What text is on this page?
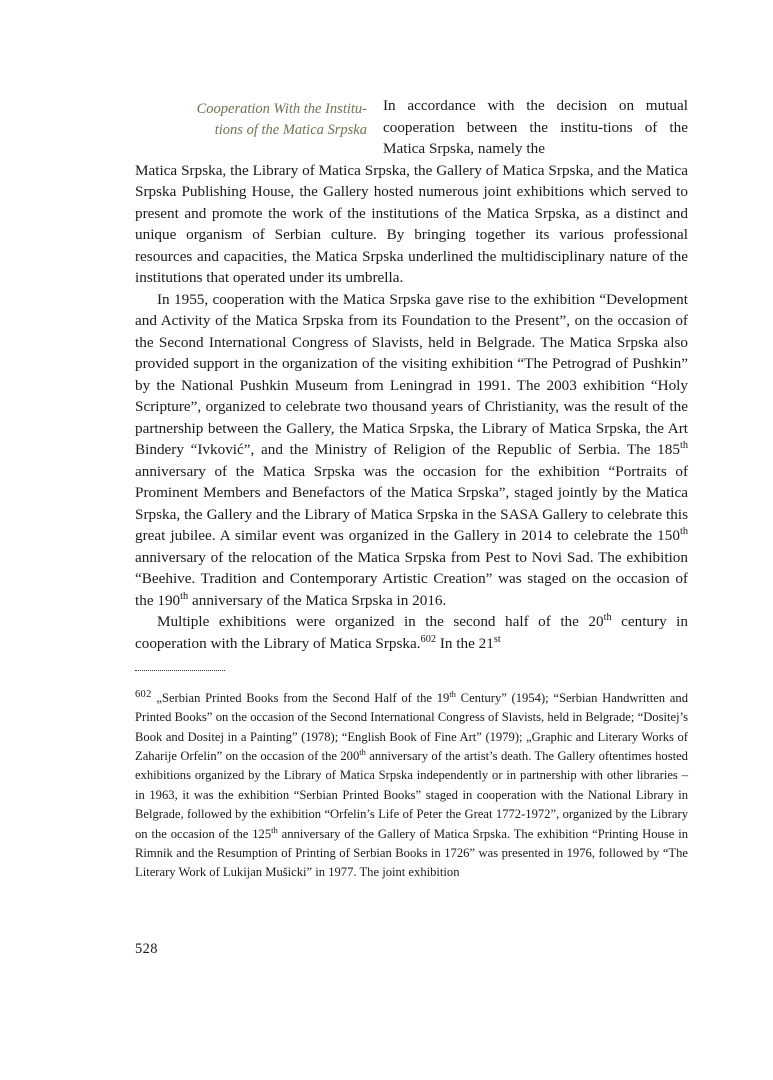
Cooperation With the Institu-
tions of the Matica Srpska
In accordance with the decision on mutual cooperation between the institu-tions of the Matica Srpska, namely the

Matica Srpska, the Library of Matica Srpska, the Gallery of Matica Srpska, and the Matica Srpska Publishing House, the Gallery hosted numerous joint exhibitions which served to present and promote the work of the institutions of the Matica Srpska, as a distinct and unique organism of Serbian culture. By bringing together its various professional resources and capacities, the Matica Srpska underlined the multidisciplinary nature of the institutions that operated under its umbrella.

In 1955, cooperation with the Matica Srpska gave rise to the exhibition “Development and Activity of the Matica Srpska from its Foundation to the Present”, on the occasion of the Second International Congress of Slavists, held in Belgrade. The Matica Srpska also provided support in the organization of the visiting exhibition “The Petrograd of Pushkin” by the National Pushkin Museum from Leningrad in 1991. The 2003 exhibition “Holy Scripture”, organized to celebrate two thousand years of Christianity, was the result of the partnership between the Gallery, the Matica Srpska, the Library of Matica Srpska, the Art Bindery “Ivković”, and the Ministry of Religion of the Republic of Serbia. The 185th anniversary of the Matica Srpska was the occasion for the exhibition “Portraits of Prominent Members and Benefactors of the Matica Srpska”, staged jointly by the Matica Srpska, the Gallery and the Library of Matica Srpska in the SASA Gallery to celebrate this great jubilee. A similar event was organized in the Gallery in 2014 to celebrate the 150th anniversary of the relocation of the Matica Srpska from Pest to Novi Sad. The exhibition “Beehive. Tradition and Contemporary Artistic Creation” was staged on the occasion of the 190th anniversary of the Matica Srpska in 2016.

Multiple exhibitions were organized in the second half of the 20th century in cooperation with the Library of Matica Srpska.$^{602}$ In the 21st

$^{602}$ „Serbian Printed Books from the Second Half of the 19th Century” (1954); “Serbian Handwritten and Printed Books” on the occasion of the Second International Congress of Slavists, held in Belgrade; “Dositej’s Book and Dositej in a Painting” (1978); “English Book of Fine Art” (1979); „Graphic and Literary Works of Zaharije Orfelin” on the occasion of the 200th anniversary of the artist’s death. The Gallery oftentimes hosted exhibitions organized by the Library of Matica Srpska independently or in partnership with other libraries – in 1963, it was the exhibition “Serbian Printed Books” staged in cooperation with the National Library in Belgrade, followed by the exhibition “Orfelin’s Life of Peter the Great 1772-1972”, organized by the Library on the occasion of the 125th anniversary of the Gallery of Matica Srpska. The exhibition “Printing House in Rimnik and the Resumption of Printing of Serbian Books in 1726” was presented in 1976, followed by “The Literary Work of Lukijan Mušicki” in 1977. The joint exhibition

528
